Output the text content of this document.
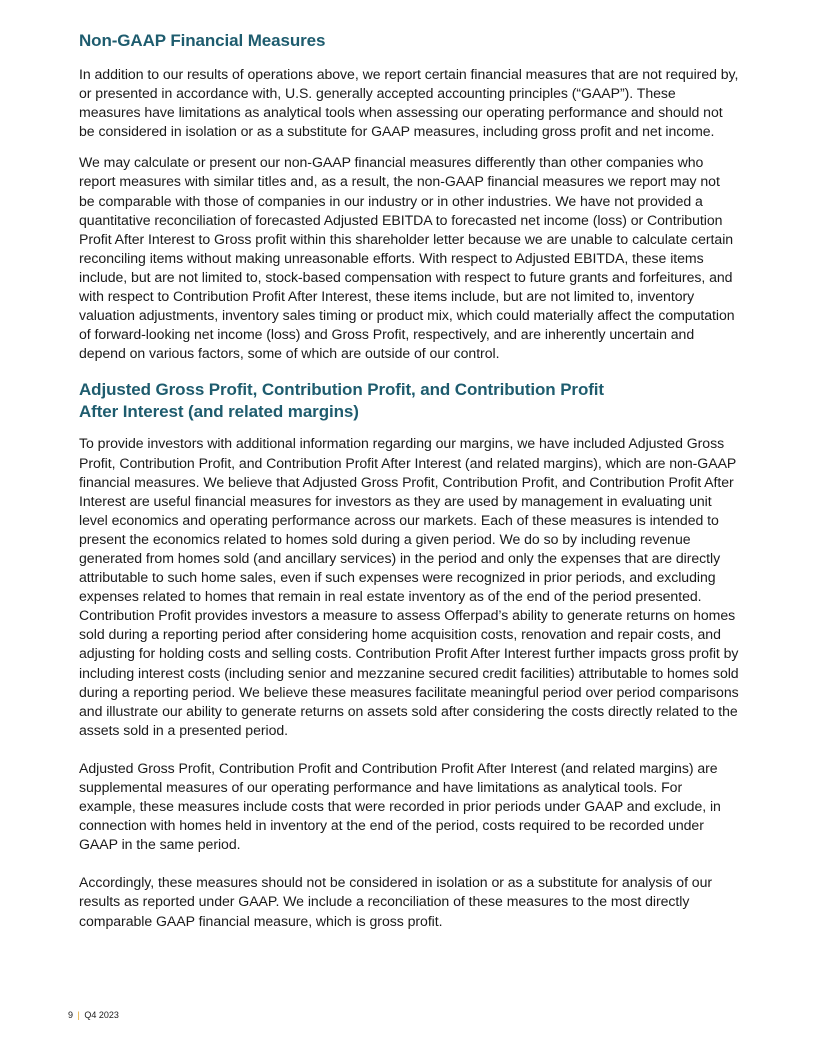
Non-GAAP Financial Measures

In addition to our results of operations above, we report certain financial measures that are not required by, or presented in accordance with, U.S. generally accepted accounting principles (“GAAP”). These measures have limitations as analytical tools when assessing our operating performance and should not be considered in isolation or as a substitute for GAAP measures, including gross profit and net income.

We may calculate or present our non-GAAP financial measures differently than other companies who report measures with similar titles and, as a result, the non-GAAP financial measures we report may not be comparable with those of companies in our industry or in other industries. We have not provided a quantitative reconciliation of forecasted Adjusted EBITDA to forecasted net income (loss) or Contribution Profit After Interest to Gross profit within this shareholder letter because we are unable to calculate certain reconciling items without making unreasonable efforts. With respect to Adjusted EBITDA, these items include, but are not limited to, stock-based compensation with respect to future grants and forfeitures, and with respect to Contribution Profit After Interest, these items include, but are not limited to, inventory valuation adjustments, inventory sales timing or product mix, which could materially affect the computation of forward-looking net income (loss) and Gross Profit, respectively, and are inherently uncertain and depend on various factors, some of which are outside of our control.

Adjusted Gross Profit, Contribution Profit, and Contribution Profit
After Interest (and related margins)

To provide investors with additional information regarding our margins, we have included Adjusted Gross Profit, Contribution Profit, and Contribution Profit After Interest (and related margins), which are non-GAAP financial measures. We believe that Adjusted Gross Profit, Contribution Profit, and Contribution Profit After Interest are useful financial measures for investors as they are used by management in evaluating unit level economics and operating performance across our markets. Each of these measures is intended to present the economics related to homes sold during a given period. We do so by including revenue generated from homes sold (and ancillary services) in the period and only the expenses that are directly attributable to such home sales, even if such expenses were recognized in prior periods, and excluding expenses related to homes that remain in real estate inventory as of the end of the period presented. Contribution Profit provides investors a measure to assess Offerpad’s ability to generate returns on homes sold during a reporting period after considering home acquisition costs, renovation and repair costs, and adjusting for holding costs and selling costs. Contribution Profit After Interest further impacts gross profit by including interest costs (including senior and mezzanine secured credit facilities) attributable to homes sold during a reporting period. We believe these measures facilitate meaningful period over period comparisons and illustrate our ability to generate returns on assets sold after considering the costs directly related to the assets sold in a presented period.

Adjusted Gross Profit, Contribution Profit and Contribution Profit After Interest (and related margins) are supplemental measures of our operating performance and have limitations as analytical tools. For example, these measures include costs that were recorded in prior periods under GAAP and exclude, in connection with homes held in inventory at the end of the period, costs required to be recorded under GAAP in the same period.

Accordingly, these measures should not be considered in isolation or as a substitute for analysis of our results as reported under GAAP. We include a reconciliation of these measures to the most directly comparable GAAP financial measure, which is gross profit.

9 | Q4 2023
